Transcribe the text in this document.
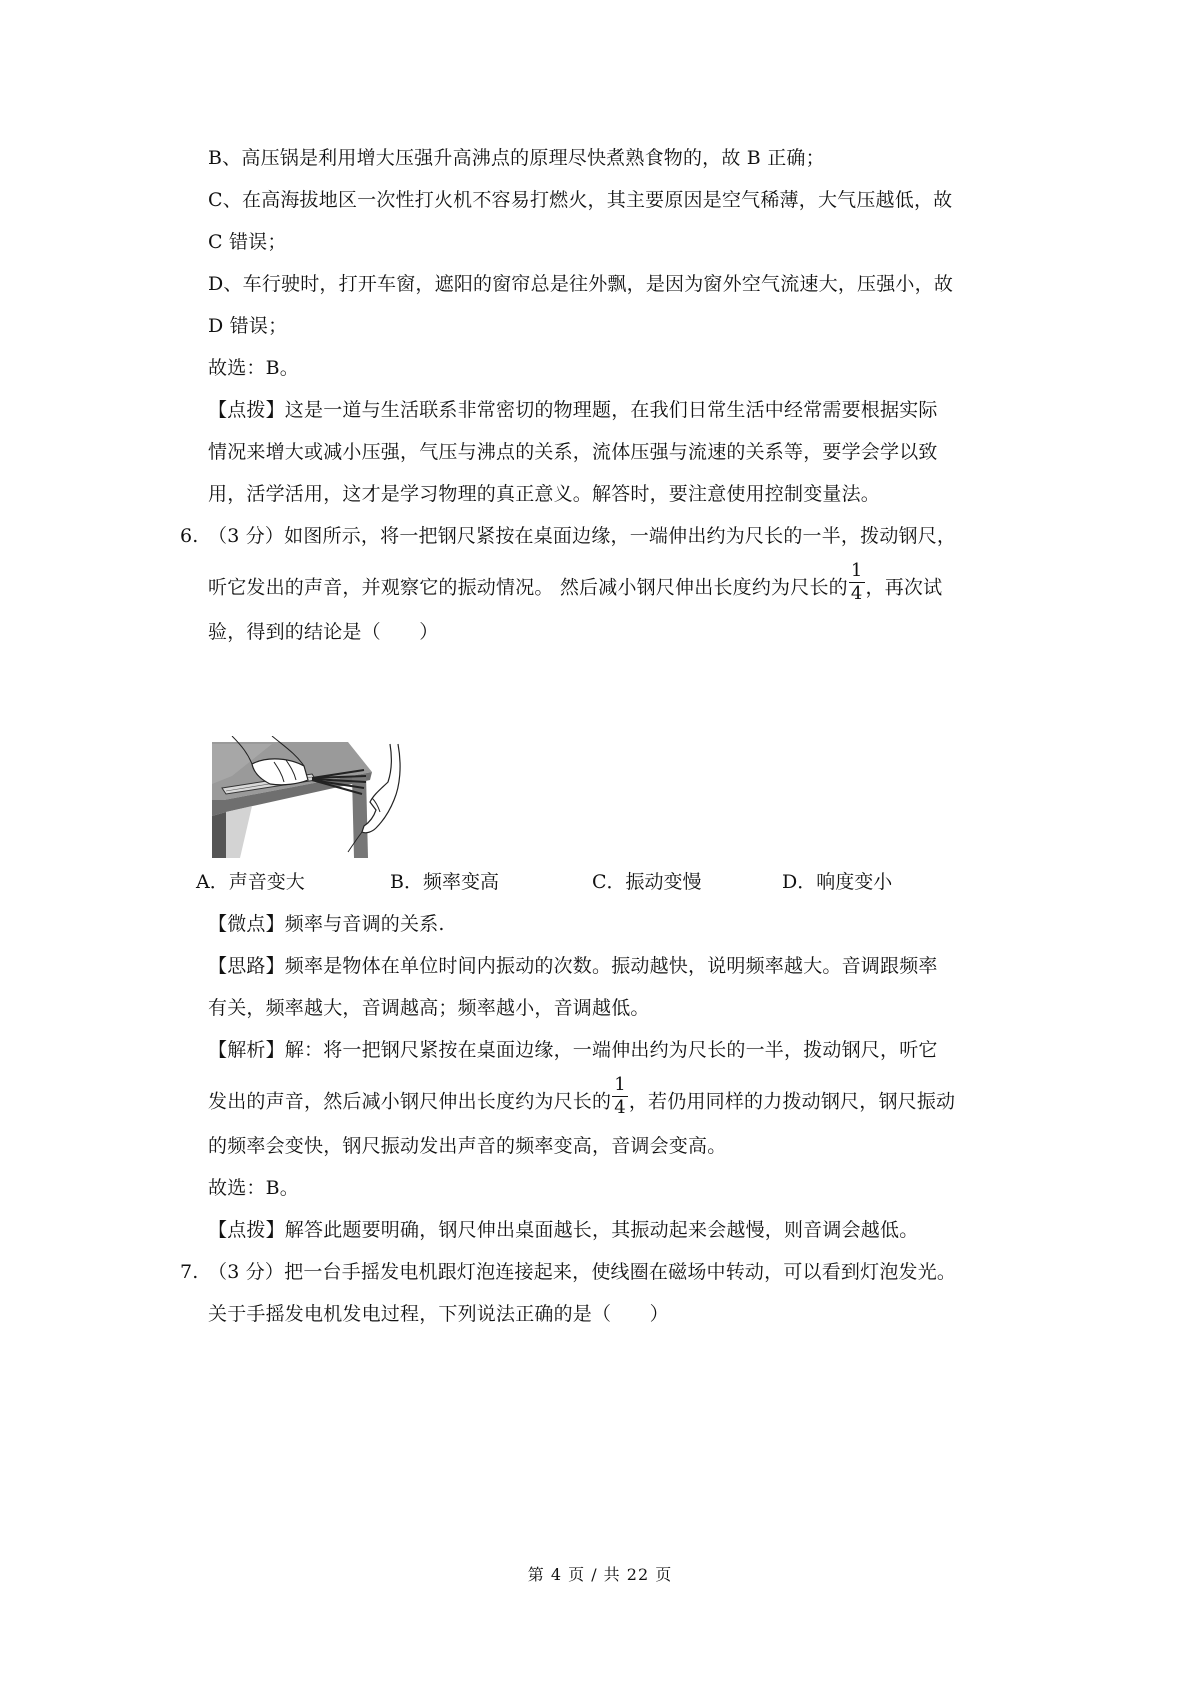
B、高压锅是利用增大压强升高沸点的原理尽快煮熟食物的，故 B 正确；
C、在高海拔地区一次性打火机不容易打燃火，其主要原因是空气稀薄，大气压越低，故
C 错误；
D、车行驶时，打开车窗，遮阳的窗帘总是往外飘，是因为窗外空气流速大，压强小，故
D 错误；
故选：B。
【点拨】这是一道与生活联系非常密切的物理题，在我们日常生活中经常需要根据实际
情况来增大或减小压强，气压与沸点的关系，流体压强与流速的关系等，要学会学以致
用，活学活用，这才是学习物理的真正意义。解答时，要注意使用控制变量法。
6. （3 分）如图所示，将一把钢尺紧按在桌面边缘，一端伸出约为尺长的一半，拨动钢尺，
听它发出的声音，并观察它的振动情况。 然后减小钢尺伸出长度约为尺长的 $\frac{1}{4}$ ，再次试
验，得到的结论是（　　）
A．声音变大	B．频率变高	C．振动变慢	D．响度变小
【微点】频率与音调的关系.
【思路】频率是物体在单位时间内振动的次数。振动越快，说明频率越大。音调跟频率
有关，频率越大，音调越高；频率越小，音调越低。
【解析】解：将一把钢尺紧按在桌面边缘，一端伸出约为尺长的一半，拨动钢尺，听它
发出的声音，然后减小钢尺伸出长度约为尺长的 $\frac{1}{4}$ ，若仍用同样的力拨动钢尺，钢尺振动
的频率会变快，钢尺振动发出声音的频率变高，音调会变高。
故选：B。
【点拨】解答此题要明确，钢尺伸出桌面越长，其振动起来会越慢，则音调会越低。
7. （3 分）把一台手摇发电机跟灯泡连接起来，使线圈在磁场中转动，可以看到灯泡发光。
关于手摇发电机发电过程，下列说法正确的是（　　）
第 4 页 / 共 22 页
